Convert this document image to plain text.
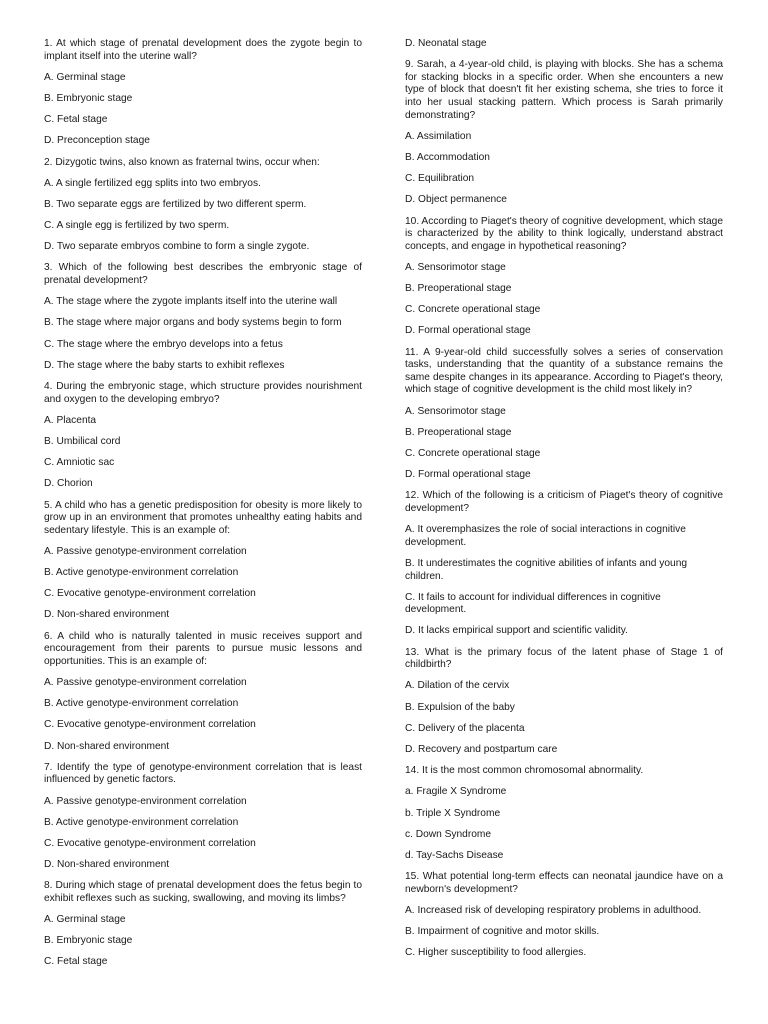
1. At which stage of prenatal development does the zygote begin to implant itself into the uterine wall?

A. Germinal stage

B. Embryonic stage

C. Fetal stage

D. Preconception stage

2. Dizygotic twins, also known as fraternal twins, occur when:

A. A single fertilized egg splits into two embryos.

B. Two separate eggs are fertilized by two different sperm.

C. A single egg is fertilized by two sperm.

D. Two separate embryos combine to form a single zygote.

3. Which of the following best describes the embryonic stage of prenatal development?

A. The stage where the zygote implants itself into the uterine wall

B. The stage where major organs and body systems begin to form

C. The stage where the embryo develops into a fetus

D. The stage where the baby starts to exhibit reflexes

4. During the embryonic stage, which structure provides nourishment and oxygen to the developing embryo?

A. Placenta

B. Umbilical cord

C. Amniotic sac

D. Chorion

5. A child who has a genetic predisposition for obesity is more likely to grow up in an environment that promotes unhealthy eating habits and sedentary lifestyle. This is an example of:

A. Passive genotype-environment correlation

B. Active genotype-environment correlation

C. Evocative genotype-environment correlation

D. Non-shared environment

6. A child who is naturally talented in music receives support and encouragement from their parents to pursue music lessons and opportunities. This is an example of:

A. Passive genotype-environment correlation

B. Active genotype-environment correlation

C. Evocative genotype-environment correlation

D. Non-shared environment

7. Identify the type of genotype-environment correlation that is least influenced by genetic factors.

A. Passive genotype-environment correlation

B. Active genotype-environment correlation

C. Evocative genotype-environment correlation

D. Non-shared environment

8. During which stage of prenatal development does the fetus begin to exhibit reflexes such as sucking, swallowing, and moving its limbs?

A. Germinal stage

B. Embryonic stage

C. Fetal stage

D. Neonatal stage

9. Sarah, a 4-year-old child, is playing with blocks. She has a schema for stacking blocks in a specific order. When she encounters a new type of block that doesn't fit her existing schema, she tries to force it into her usual stacking pattern. Which process is Sarah primarily demonstrating?

A. Assimilation

B. Accommodation

C. Equilibration

D. Object permanence

10. According to Piaget's theory of cognitive development, which stage is characterized by the ability to think logically, understand abstract concepts, and engage in hypothetical reasoning?

A. Sensorimotor stage

B. Preoperational stage

C. Concrete operational stage

D. Formal operational stage

11. A 9-year-old child successfully solves a series of conservation tasks, understanding that the quantity of a substance remains the same despite changes in its appearance. According to Piaget's theory, which stage of cognitive development is the child most likely in?

A. Sensorimotor stage

B. Preoperational stage

C. Concrete operational stage

D. Formal operational stage

12. Which of the following is a criticism of Piaget's theory of cognitive development?

A. It overemphasizes the role of social interactions in cognitive development.

B. It underestimates the cognitive abilities of infants and young children.

C. It fails to account for individual differences in cognitive development.

D. It lacks empirical support and scientific validity.

13. What is the primary focus of the latent phase of Stage 1 of childbirth?

A. Dilation of the cervix

B. Expulsion of the baby

C. Delivery of the placenta

D. Recovery and postpartum care

14. It is the most common chromosomal abnormality.

a. Fragile X Syndrome

b. Triple X Syndrome

c. Down Syndrome

d. Tay-Sachs Disease

15. What potential long-term effects can neonatal jaundice have on a newborn's development?

A. Increased risk of developing respiratory problems in adulthood.

B. Impairment of cognitive and motor skills.

C. Higher susceptibility to food allergies.
